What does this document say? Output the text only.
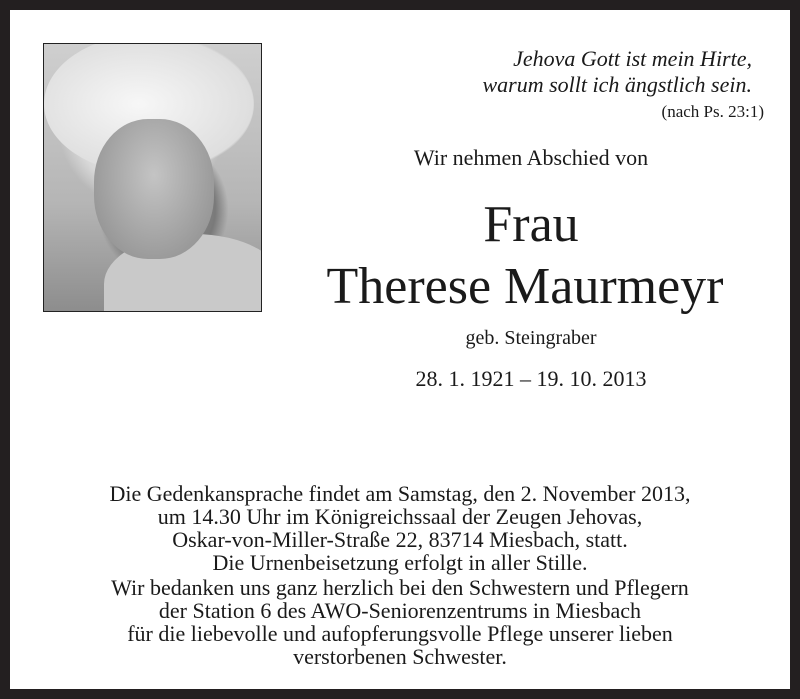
Jehova Gott ist mein Hirte,
warum sollt ich ängstlich sein.
(nach Ps. 23:1)
Wir nehmen Abschied von
Frau
Therese Maurmeyr
geb. Steingraber
28. 1. 1921 – 19. 10. 2013
Die Gedenkansprache findet am Samstag, den 2. November 2013,
um 14.30 Uhr im Königreichssaal der Zeugen Jehovas,
Oskar-von-Miller-Straße 22, 83714 Miesbach, statt.
Die Urnenbeisetzung erfolgt in aller Stille.
Wir bedanken uns ganz herzlich bei den Schwestern und Pflegern
der Station 6 des AWO-Seniorenzentrums in Miesbach
für die liebevolle und aufopferungsvolle Pflege unserer lieben
verstorbenen Schwester.
